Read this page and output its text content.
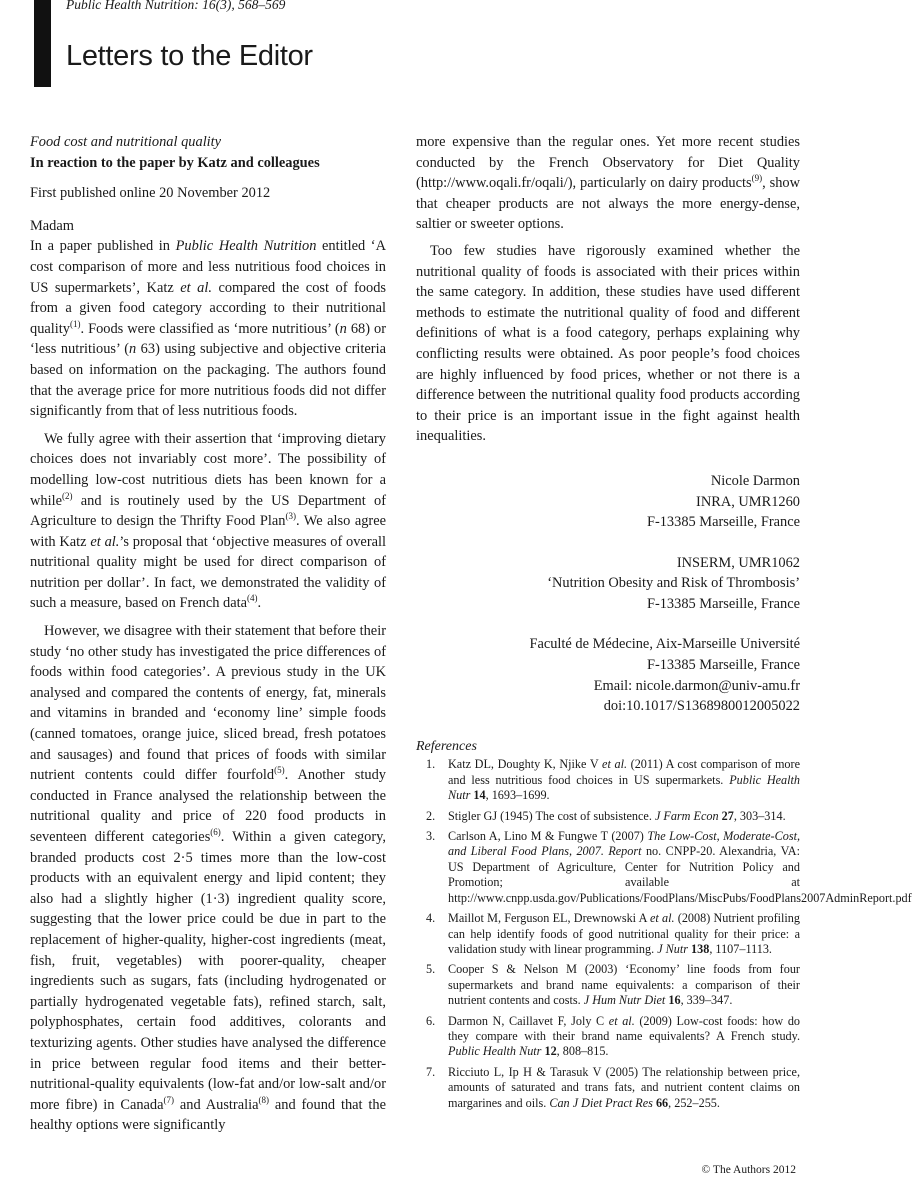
Public Health Nutrition: 16(3), 568–569
Letters to the Editor

Food cost and nutritional quality

In reaction to the paper by Katz and colleagues

First published online 20 November 2012

Madam

In a paper published in Public Health Nutrition entitled ‘A cost comparison of more and less nutritious food choices in US supermarkets’, Katz et al. compared the cost of foods from a given food category according to their nutritional quality$^{(1)}$. Foods were classified as ‘more nutritious’ (n 68) or ‘less nutritious’ (n 63) using subjective and objective criteria based on information on the packaging. The authors found that the average price for more nutritious foods did not differ significantly from that of less nutritious foods.

We fully agree with their assertion that ‘improving dietary choices does not invariably cost more’. The possibility of modelling low-cost nutritious diets has been known for a while$^{(2)}$ and is routinely used by the US Department of Agriculture to design the Thrifty Food Plan$^{(3)}$. We also agree with Katz et al.’s proposal that ‘objective measures of overall nutritional quality might be used for direct comparison of nutrition per dollar’. In fact, we demonstrated the validity of such a measure, based on French data$^{(4)}$.

However, we disagree with their statement that before their study ‘no other study has investigated the price differences of foods within food categories’. A previous study in the UK analysed and compared the contents of energy, fat, minerals and vitamins in branded and ‘economy line’ simple foods (canned tomatoes, orange juice, sliced bread, fresh potatoes and sausages) and found that prices of foods with similar nutrient contents could differ fourfold$^{(5)}$. Another study conducted in France analysed the relationship between the nutritional quality and price of 220 food products in seventeen different categories$^{(6)}$. Within a given category, branded products cost 2·5 times more than the low-cost products with an equivalent energy and lipid content; they also had a slightly higher (1·3) ingredient quality score, suggesting that the lower price could be due in part to the replacement of higher-quality, higher-cost ingredients (meat, fish, fruit, vegetables) with poorer-quality, cheaper ingredients such as sugars, fats (including hydrogenated or partially hydrogenated vegetable fats), refined starch, salt, polyphosphates, certain food additives, colorants and texturizing agents. Other studies have analysed the difference in price between regular food items and their better-nutritional-quality equivalents (low-fat and/or low-salt and/or more fibre) in Canada$^{(7)}$ and Australia$^{(8)}$ and found that the healthy options were significantly

more expensive than the regular ones. Yet more recent studies conducted by the French Observatory for Diet Quality (http://www.oqali.fr/oqali/), particularly on dairy products$^{(9)}$, show that cheaper products are not always the more energy-dense, saltier or sweeter options.

Too few studies have rigorously examined whether the nutritional quality of foods is associated with their prices within the same category. In addition, these studies have used different methods to estimate the nutritional quality of food and different definitions of what is a food category, perhaps explaining why conflicting results were obtained. As poor people’s food choices are highly influenced by food prices, whether or not there is a difference between the nutritional quality food products according to their price is an important issue in the fight against health inequalities.

Nicole Darmon
INRA, UMR1260
F-13385 Marseille, France
INSERM, UMR1062
‘Nutrition Obesity and Risk of Thrombosis’
F-13385 Marseille, France
Faculté de Médecine, Aix-Marseille Université
F-13385 Marseille, France
Email: nicole.darmon@univ-amu.fr
doi:10.1017/S1368980012005022
References
1. Katz DL, Doughty K, Njike V et al. (2011) A cost comparison of more and less nutritious food choices in US supermarkets. Public Health Nutr 14, 1693–1699.
2. Stigler GJ (1945) The cost of subsistence. J Farm Econ 27, 303–314.
3. Carlson A, Lino M & Fungwe T (2007) The Low-Cost, Moderate-Cost, and Liberal Food Plans, 2007. Report no. CNPP-20. Alexandria, VA: US Department of Agriculture, Center for Nutrition Policy and Promotion; available at http://www.cnpp.usda.gov/Publications/FoodPlans/MiscPubs/FoodPlans2007AdminReport.pdf
4. Maillot M, Ferguson EL, Drewnowski A et al. (2008) Nutrient profiling can help identify foods of good nutritional quality for their price: a validation study with linear programming. J Nutr 138, 1107–1113.
5. Cooper S & Nelson M (2003) ‘Economy’ line foods from four supermarkets and brand name equivalents: a comparison of their nutrient contents and costs. J Hum Nutr Diet 16, 339–347.
6. Darmon N, Caillavet F, Joly C et al. (2009) Low-cost foods: how do they compare with their brand name equivalents? A French study. Public Health Nutr 12, 808–815.
7. Ricciuto L, Ip H & Tarasuk V (2005) The relationship between price, amounts of saturated and trans fats, and nutrient content claims on margarines and oils. Can J Diet Pract Res 66, 252–255.
© The Authors 2012
